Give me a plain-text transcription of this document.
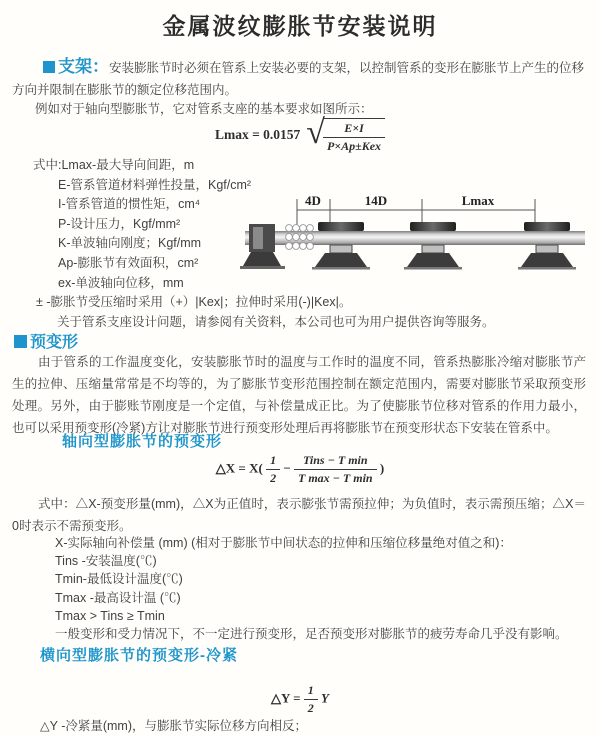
金属波纹膨胀节安装说明
支架：安装膨胀节时必须在管系上安装必要的支架，以控制管系的变形在膨胀节上产生的位移方向并限制在膨胀节的额定位移范围内。
例如对于轴向型膨胀节，它对管系支座的基本要求如图所示：
Lmax = 0.0157 √
$\frac{E\times I}{\text{P×Ap±Kex}}$
式中:Lmax-最大导向间距，m
E-管系管道材料弹性投量，Kgf/cm²
I-管系管道的惯性矩，cm⁴
P-设计压力，Kgf/mm²
K-单波轴向刚度；Kgf/mm
Ap-膨胀节有效面积，cm²
ex-单波轴向位移，mm
± -膨胀节受压缩时采用（+）|Kex|；拉伸时采用(-)|Kex|。
关于管系支座设计问题，请参阅有关资料，本公司也可为用户提供咨询等服务。
4D	14D	Lmax
预变形
由于管系的工作温度变化，安装膨胀节时的温度与工作时的温度不同，管系热膨胀冷缩对膨胀节产生的拉伸、压缩量常常是不均等的，为了膨胀节变形范围控制在额定范围内，需要对膨胀节采取预变形处理。另外，由于膨账节刚度是一个定值，与补偿量成正比。为了使膨胀节位移对管系的作用力最小，也可以采用预变形(冷紧)方让对膨胀节进行预变形处理后再将膨胀节在预变形状态下安装在管系中。
轴向型膨胀节的预变形
△X = $X( \frac{1}{2} - \frac{\text{Tins − T min}}{\text{T max − T min}}$ )
式中：△X-预变形量(mm)，△X为正值时，表示膨张节需预拉伸；为负值时，表示需预压缩；△X＝0时表示不需预变形。
X-实际轴向补偿量 (mm) (相对于膨胀节中间状态的拉伸和压缩位移量绝对值之和)：
Tins -安装温度(℃)
Tmin-最低设计温度(℃)
Tmax -最高设计温 (℃)
Tmax > Tins ≥ Tmin
一般变形和受力情况下，不一定进行预变形，足否预变形对膨胀节的疲劳寿命几乎没有影响。
横向型膨胀节的预变形-冷紧
△Y = $\frac{1}{2}$ Y
△Y -冷紧量(mm)，与膨胀节实际位移方向相反；
